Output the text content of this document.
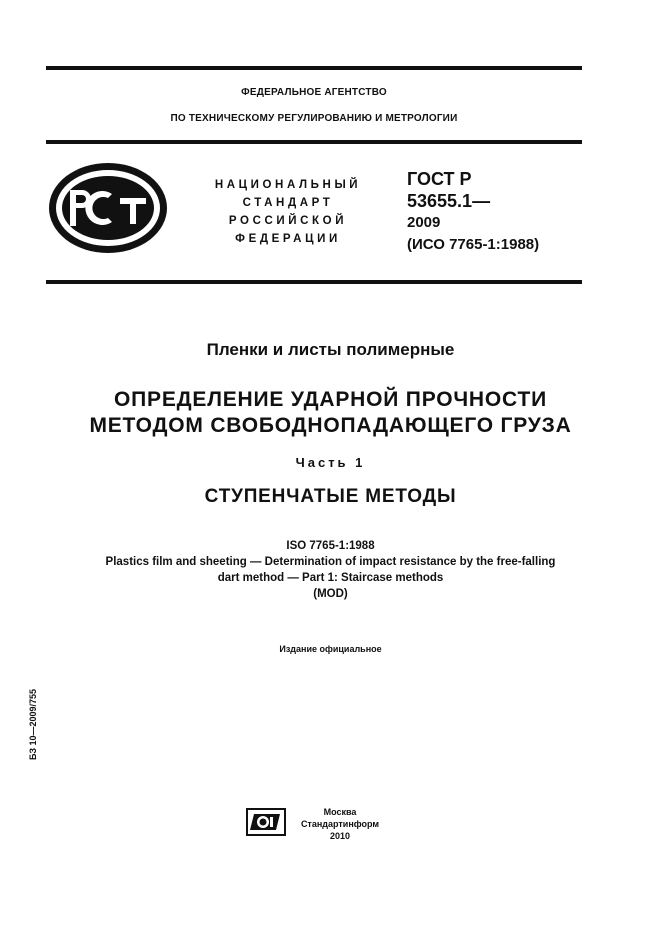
ФЕДЕРАЛЬНОЕ АГЕНТСТВО
ПО ТЕХНИЧЕСКОМУ РЕГУЛИРОВАНИЮ И МЕТРОЛОГИИ
НАЦИОНАЛЬНЫЙ
СТАНДАРТ
РОССИЙСКОЙ
ФЕДЕРАЦИИ
ГОСТ Р
53655.1—
2009
(ИСО 7765-1:1988)
Пленки и листы полимерные
ОПРЕДЕЛЕНИЕ УДАРНОЙ ПРОЧНОСТИ
МЕТОДОМ СВОБОДНОПАДАЮЩЕГО ГРУЗА
Часть 1
СТУПЕНЧАТЫЕ МЕТОДЫ
ISO 7765-1:1988
Plastics film and sheeting — Determination of impact resistance by the free-falling
dart method — Part 1: Staircase methods
(MOD)
Издание официальное
БЗ 10—2009/755
Москва
Стандартинформ
2010
